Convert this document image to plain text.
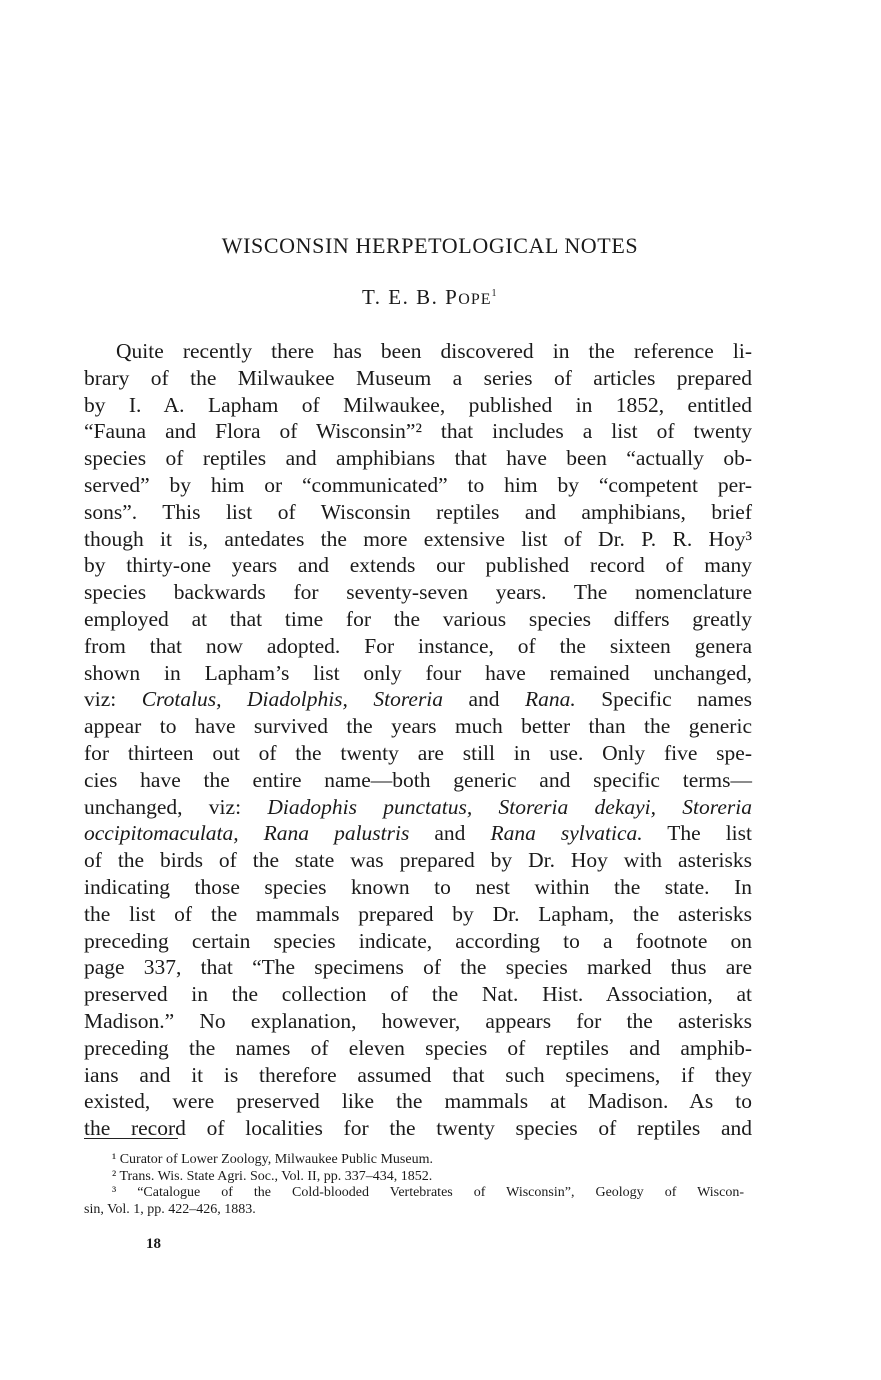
WISCONSIN HERPETOLOGICAL NOTES
T. E. B. POPE$^1$
Quite recently there has been discovered in the reference li-
brary of the Milwaukee Museum a series of articles prepared
by I. A. Lapham of Milwaukee, published in 1852, entitled
“Fauna and Flora of Wisconsin”² that includes a list of twenty
species of reptiles and amphibians that have been “actually ob-
served” by him or “communicated” to him by “competent per-
sons”. This list of Wisconsin reptiles and amphibians, brief
though it is, antedates the more extensive list of Dr. P. R. Hoy³
by thirty-one years and extends our published record of many
species backwards for seventy-seven years. The nomenclature
employed at that time for the various species differs greatly
from that now adopted. For instance, of the sixteen genera
shown in Lapham’s list only four have remained unchanged,
viz: Crotalus, Diadolphis, Storeria and Rana. Specific names
appear to have survived the years much better than the generic
for thirteen out of the twenty are still in use. Only five spe-
cies have the entire name—both generic and specific terms—
unchanged, viz: Diadophis punctatus, Storeria dekayi, Storeria
occipitomaculata, Rana palustris and Rana sylvatica. The list
of the birds of the state was prepared by Dr. Hoy with asterisks
indicating those species known to nest within the state. In
the list of the mammals prepared by Dr. Lapham, the asterisks
preceding certain species indicate, according to a footnote on
page 337, that “The specimens of the species marked thus are
preserved in the collection of the Nat. Hist. Association, at
Madison.” No explanation, however, appears for the asterisks
preceding the names of eleven species of reptiles and amphib-
ians and it is therefore assumed that such specimens, if they
existed, were preserved like the mammals at Madison. As to
the record of localities for the twenty species of reptiles and
¹ Curator of Lower Zoology, Milwaukee Public Museum.
² Trans. Wis. State Agri. Soc., Vol. II, pp. 337–434, 1852.
³ “Catalogue of the Cold-blooded Vertebrates of Wisconsin”, Geology of Wiscon-
sin, Vol. 1, pp. 422–426, 1883.
18
